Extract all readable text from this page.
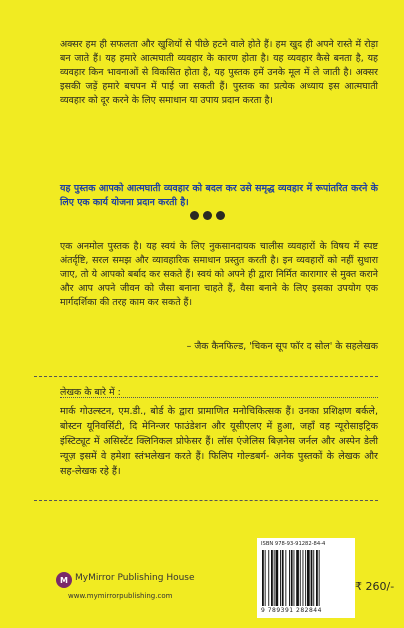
अक्सर हम ही सफलता और खुशियों से पीछे हटने वाले होते हैं। हम खुद ही अपने रास्ते में रोड़ा बन जाते हैं। यह हमारे आत्मघाती व्यवहार के कारण होता है। यह व्यवहार कैसे बनता है, यह व्यवहार किन भावनाओं से विकसित होता है, यह पुस्तक हमें उनके मूल में ले जाती है। अक्सर इसकी जड़ें हमारे बचपन में पाई जा सकती हैं। पुस्तक का प्रत्येक अध्याय इस आत्मघाती व्यवहार को दूर करने के लिए समाधान या उपाय प्रदान करता है।

यह पुस्तक आपको आत्मघाती व्यवहार को बदल कर उसे समृद्ध व्यवहार में रूपांतरित करने के लिए एक कार्य योजना प्रदान करती है।

एक अनमोल पुस्तक है। यह स्वयं के लिए नुकसानदायक चालीस व्यवहारों के विषय में स्पष्ट अंतर्दृष्टि, सरल समझ और व्यावहारिक समाधान प्रस्तुत करती है। इन व्यवहारों को नहीं सुधारा जाए, तो ये आपको बर्बाद कर सकते हैं। स्वयं को अपने ही द्वारा निर्मित कारागार से मुक्त कराने और आप अपने जीवन को जैसा बनाना चाहते हैं, वैसा बनाने के लिए इसका उपयोग एक मार्गदर्शिका की तरह काम कर सकते हैं।

– जैक कैनफिल्ड, 'चिकन सूप फॉर द सोल' के सहलेखक
लेखक के बारे में :

मार्क गोउल्स्टन, एम.डी., बोर्ड के द्वारा प्रामाणित मनोचिकित्सक हैं। उनका प्रशिक्षण बर्कले, बोस्टन यूनिवर्सिटी, दि मेनिन्जर फाउंडेशन और यूसीएलए में हुआ, जहाँ वह न्यूरोसाइट्रिक इंस्टिट्यूट में असिस्टेंट क्लिनिकल प्रोफेसर हैं। लॉस एंजेलिस बिज़नेस जर्नल और अस्पेन डेली न्यूज़ इसमें वे हमेशा स्तंभलेखन करते हैं। फिलिप गोल्डबर्ग- अनेक पुस्तकों के लेखक और सह-लेखक रहे हैं।

M MyMirror Publishing House
www.mymirrorpublishing.com
ISBN 978-93-91282-84-4
9 789391 282844
₹ 260/-
